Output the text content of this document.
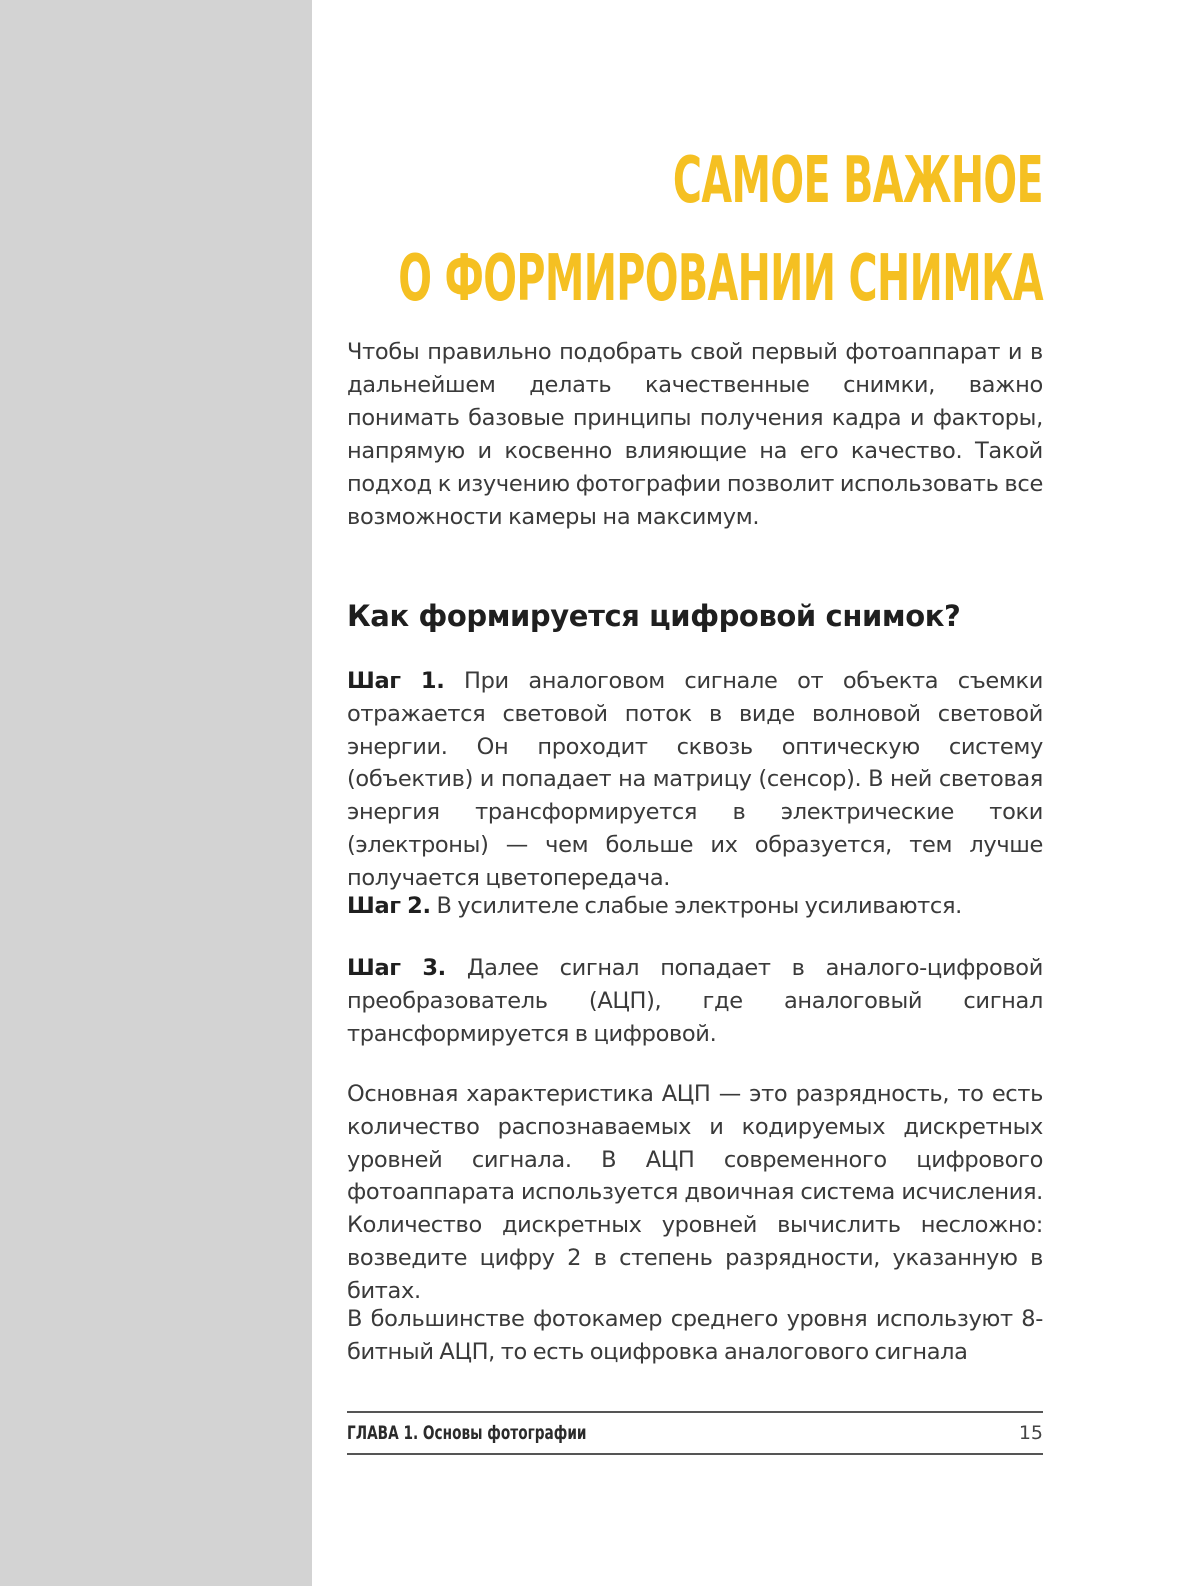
САМОЕ ВАЖНОЕ
О ФОРМИРОВАНИИ СНИМКА

Чтобы правильно подобрать свой первый фотоаппарат и в дальнейшем делать качественные снимки, важно понимать базовые принципы получения кадра и факторы, напрямую и косвенно влияющие на его качество. Такой подход к изучению фотографии позволит использовать все возможности камеры на максимум.

Как формируется цифровой снимок?

Шаг 1. При аналоговом сигнале от объекта съемки отражается световой поток в виде волновой световой энергии. Он проходит сквозь оптическую систему (объектив) и попадает на матрицу (сенсор). В ней световая энергия трансформируется в электрические токи (электроны) — чем больше их образуется, тем лучше получается цветопередача.

Шаг 2. В усилителе слабые электроны усиливаются.

Шаг 3. Далее сигнал попадает в аналого-цифровой преобразователь (АЦП), где аналоговый сигнал трансформируется в цифровой.

Основная характеристика АЦП — это разрядность, то есть количество распознаваемых и кодируемых дискретных уровней сигнала. В АЦП современного цифрового фотоаппарата используется двоичная система исчисления. Количество дискретных уровней вычислить несложно: возведите цифру 2 в степень разрядности, указанную в битах.

В большинстве фотокамер среднего уровня используют 8-битный АЦП, то есть оцифровка аналогового сигнала

ГЛАВА 1. Основы фотографии	15
